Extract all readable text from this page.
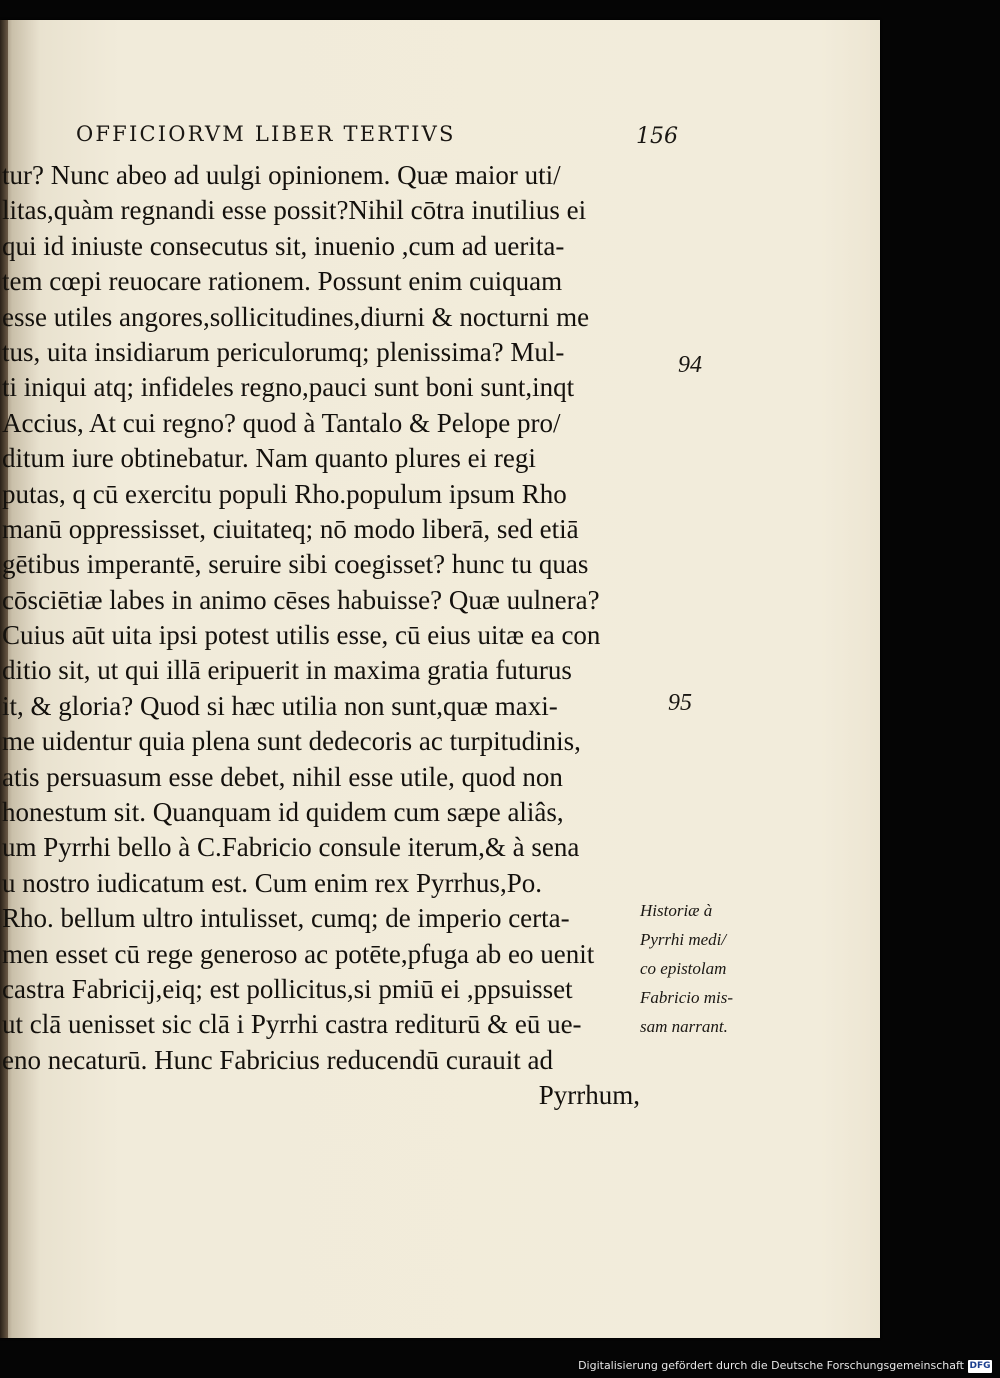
OFFICIORVM LIBER TERTIVS	156
tur? Nunc abeo ad uulgi opinionem. Quæ maior uti/
litas,quàm regnandi esse possit?Nihil cōtra inutilius ei
qui id iniuste consecutus sit, inuenio ,cum ad uerita-
tem cœpi reuocare rationem. Possunt enim cuiquam
esse utiles angores,sollicitudines,diurni & nocturni me
tus, uita insidiarum periculorumq; plenissima? Mul-
ti iniqui atq; infideles regno,pauci sunt boni sunt,inqt
Accius, At cui regno? quod à Tantalo & Pelope pro/
ditum iure obtinebatur. Nam quanto plures ei regi
putas, q cū exercitu populi Rho.populum ipsum Rho
manū oppressisset, ciuitateq; nō modo liberā, sed etiā
gētibus imperantē, seruire sibi coegisset? hunc tu quas
cōsciētiæ labes in animo cēses habuisse? Quæ uulnera?
Cuius aūt uita ipsi potest utilis esse, cū eius uitæ ea con
ditio sit, ut qui illā eripuerit in maxima gratia futurus
it, & gloria? Quod si hæc utilia non sunt,quæ maxi-
me uidentur quia plena sunt dedecoris ac turpitudinis,
atis persuasum esse debet, nihil esse utile, quod non
honestum sit. Quanquam id quidem cum sæpe aliâs,
um Pyrrhi bello à C.Fabricio consule iterum,& à sena
u nostro iudicatum est. Cum enim rex Pyrrhus,Po.
Rho. bellum ultro intulisset, cumq; de imperio certa-
men esset cū rege generoso ac potēte,pfuga ab eo uenit
castra Fabricij,eiq; est pollicitus,si pmiū ei ,ppsuisset
ut clā uenisset sic clā i Pyrrhi castra rediturū & eū ue-
eno necaturū. Hunc Fabricius reducendū curauit ad
Pyrrhum,
94
95
Historiæ à
Pyrrhi medi/
co epistolam
Fabricio mis-
sam narrant.
Digitalisierung gefördert durch die Deutsche Forschungsgemeinschaft DFG
